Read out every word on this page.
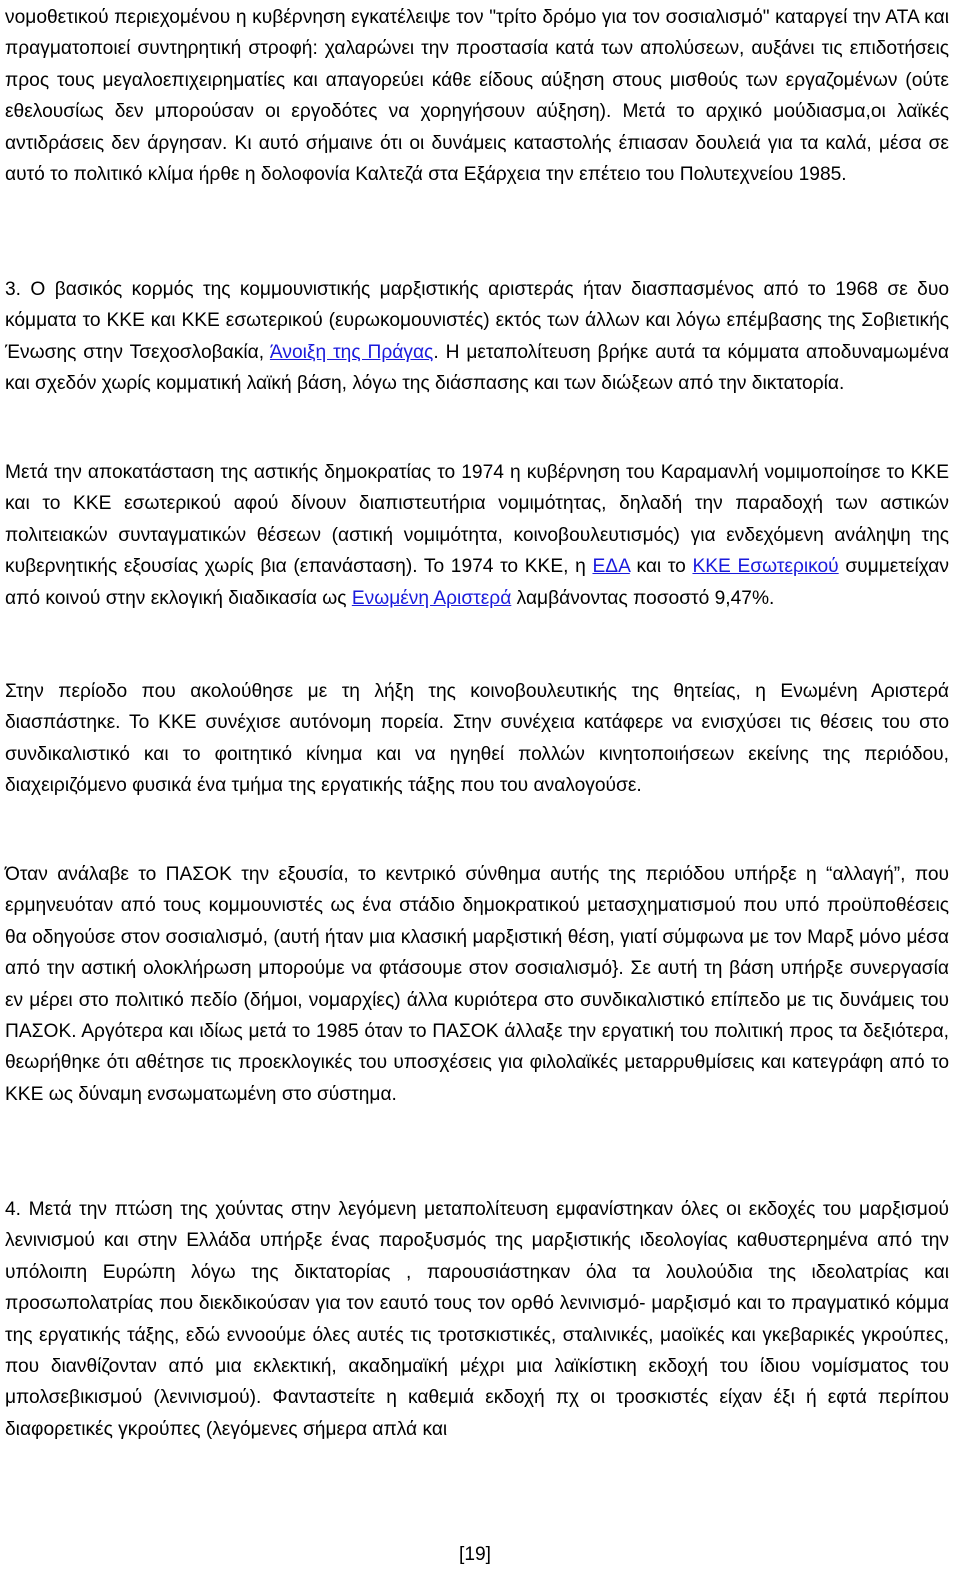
νομοθετικού περιεχομένου η κυβέρνηση εγκατέλειψε τον "τρίτο δρόμο για τον σοσιαλισμό" καταργεί την ΑΤΑ και πραγματοποιεί συντηρητική στροφή: χαλαρώνει την προστασία κατά των απολύσεων, αυξάνει τις επιδοτήσεις προς τους μεγαλοεπιχειρηματίες και απαγορεύει κάθε είδους αύξηση στους μισθούς των εργαζομένων (ούτε εθελουσίως δεν μπορούσαν οι εργοδότες να χορηγήσουν αύξηση). Μετά το αρχικό μούδιασμα,οι λαϊκές αντιδράσεις δεν άργησαν. Κι αυτό σήμαινε ότι οι δυνάμεις καταστολής έπιασαν δουλειά για τα καλά, μέσα σε αυτό το πολιτικό κλίμα ήρθε η δολοφονία Καλτεζά στα Εξάρχεια την επέτειο του Πολυτεχνείου 1985.

3. Ο βασικός κορμός της κομμουνιστικής μαρξιστικής αριστεράς ήταν διασπασμένος από το 1968 σε δυο κόμματα το ΚΚΕ και ΚΚΕ εσωτερικού (ευρωκομουνιστές) εκτός των άλλων και λόγω επέμβασης της Σοβιετικής Ένωσης στην Τσεχοσλοβακία, Άνοιξη της Πράγας. Η μεταπολίτευση βρήκε αυτά τα κόμματα αποδυναμωμένα και σχεδόν χωρίς κομματική λαϊκή βάση, λόγω της διάσπασης και των διώξεων από την δικτατορία.

Μετά την αποκατάσταση της αστικής δημοκρατίας το 1974 η κυβέρνηση του Καραμανλή νομιμοποίησε το ΚΚΕ και το ΚΚΕ εσωτερικού αφού δίνουν διαπιστευτήρια νομιμότητας, δηλαδή την παραδοχή των αστικών πολιτειακών συνταγματικών θέσεων (αστική νομιμότητα, κοινοβουλευτισμός) για ενδεχόμενη ανάληψη της κυβερνητικής εξουσίας χωρίς βια (επανάσταση). Το 1974 το ΚΚΕ, η ΕΔΑ και το ΚΚΕ Εσωτερικού συμμετείχαν από κοινού στην εκλογική διαδικασία ως Ενωμένη Αριστερά λαμβάνοντας ποσοστό 9,47%.

Στην περίοδο που ακολούθησε με τη λήξη της κοινοβουλευτικής της θητείας, η Ενωμένη Αριστερά διασπάστηκε. Το ΚΚΕ συνέχισε αυτόνομη πορεία. Στην συνέχεια κατάφερε να ενισχύσει τις θέσεις του στο συνδικαλιστικό και το φοιτητικό κίνημα και να ηγηθεί πολλών κινητοποιήσεων εκείνης της περιόδου, διαχειριζόμενο φυσικά ένα τμήμα της εργατικής τάξης που του αναλογούσε.

Όταν ανάλαβε το ΠΑΣΟΚ την εξουσία, το κεντρικό σύνθημα αυτής της περιόδου υπήρξε η “αλλαγή”, που ερμηνευόταν από τους κομμουνιστές ως ένα στάδιο δημοκρατικού μετασχηματισμού που υπό προϋποθέσεις θα οδηγούσε στον σοσιαλισμό, (αυτή ήταν μια κλασική μαρξιστική θέση, γιατί σύμφωνα με τον Μαρξ μόνο μέσα από την αστική ολοκλήρωση μπορούμε να φτάσουμε στον σοσιαλισμό}. Σε αυτή τη βάση υπήρξε συνεργασία εν μέρει στο πολιτικό πεδίο (δήμοι, νομαρχίες) άλλα κυριότερα στο συνδικαλιστικό επίπεδο με τις δυνάμεις του ΠΑΣΟΚ. Αργότερα και ιδίως μετά το 1985 όταν το ΠΑΣΟΚ άλλαξε την εργατική του πολιτική προς τα δεξιότερα, θεωρήθηκε ότι αθέτησε τις προεκλογικές του υποσχέσεις για φιλολαϊκές μεταρρυθμίσεις και κατεγράφη από το ΚΚΕ ως δύναμη ενσωματωμένη στο σύστημα.

4. Μετά την πτώση της χούντας στην λεγόμενη μεταπολίτευση εμφανίστηκαν όλες οι εκδοχές του μαρξισμού λενινισμού και στην Ελλάδα υπήρξε ένας παροξυσμός της μαρξιστικής ιδεολογίας καθυστερημένα από την υπόλοιπη Ευρώπη λόγω της δικτατορίας , παρουσιάστηκαν όλα τα λουλούδια της ιδεολατρίας και προσωπολατρίας που διεκδικούσαν για τον εαυτό τους τον ορθό λενινισμό- μαρξισμό και το πραγματικό κόμμα της εργατικής τάξης, εδώ εννοούμε όλες αυτές τις τροτσκιστικές, σταλινικές, μαοϊκές και γκεβαρικές γκρούπες, που διανθίζονταν από μια εκλεκτική, ακαδημαϊκή μέχρι μια λαϊκίστικη εκδοχή του ίδιου νομίσματος του μπολσεβικισμού (λενινισμού). Φανταστείτε η καθεμιά εκδοχή πχ οι τροσκιστές είχαν έξι ή εφτά περίπου διαφορετικές γκρούπες (λεγόμενες σήμερα απλά και

[19]
